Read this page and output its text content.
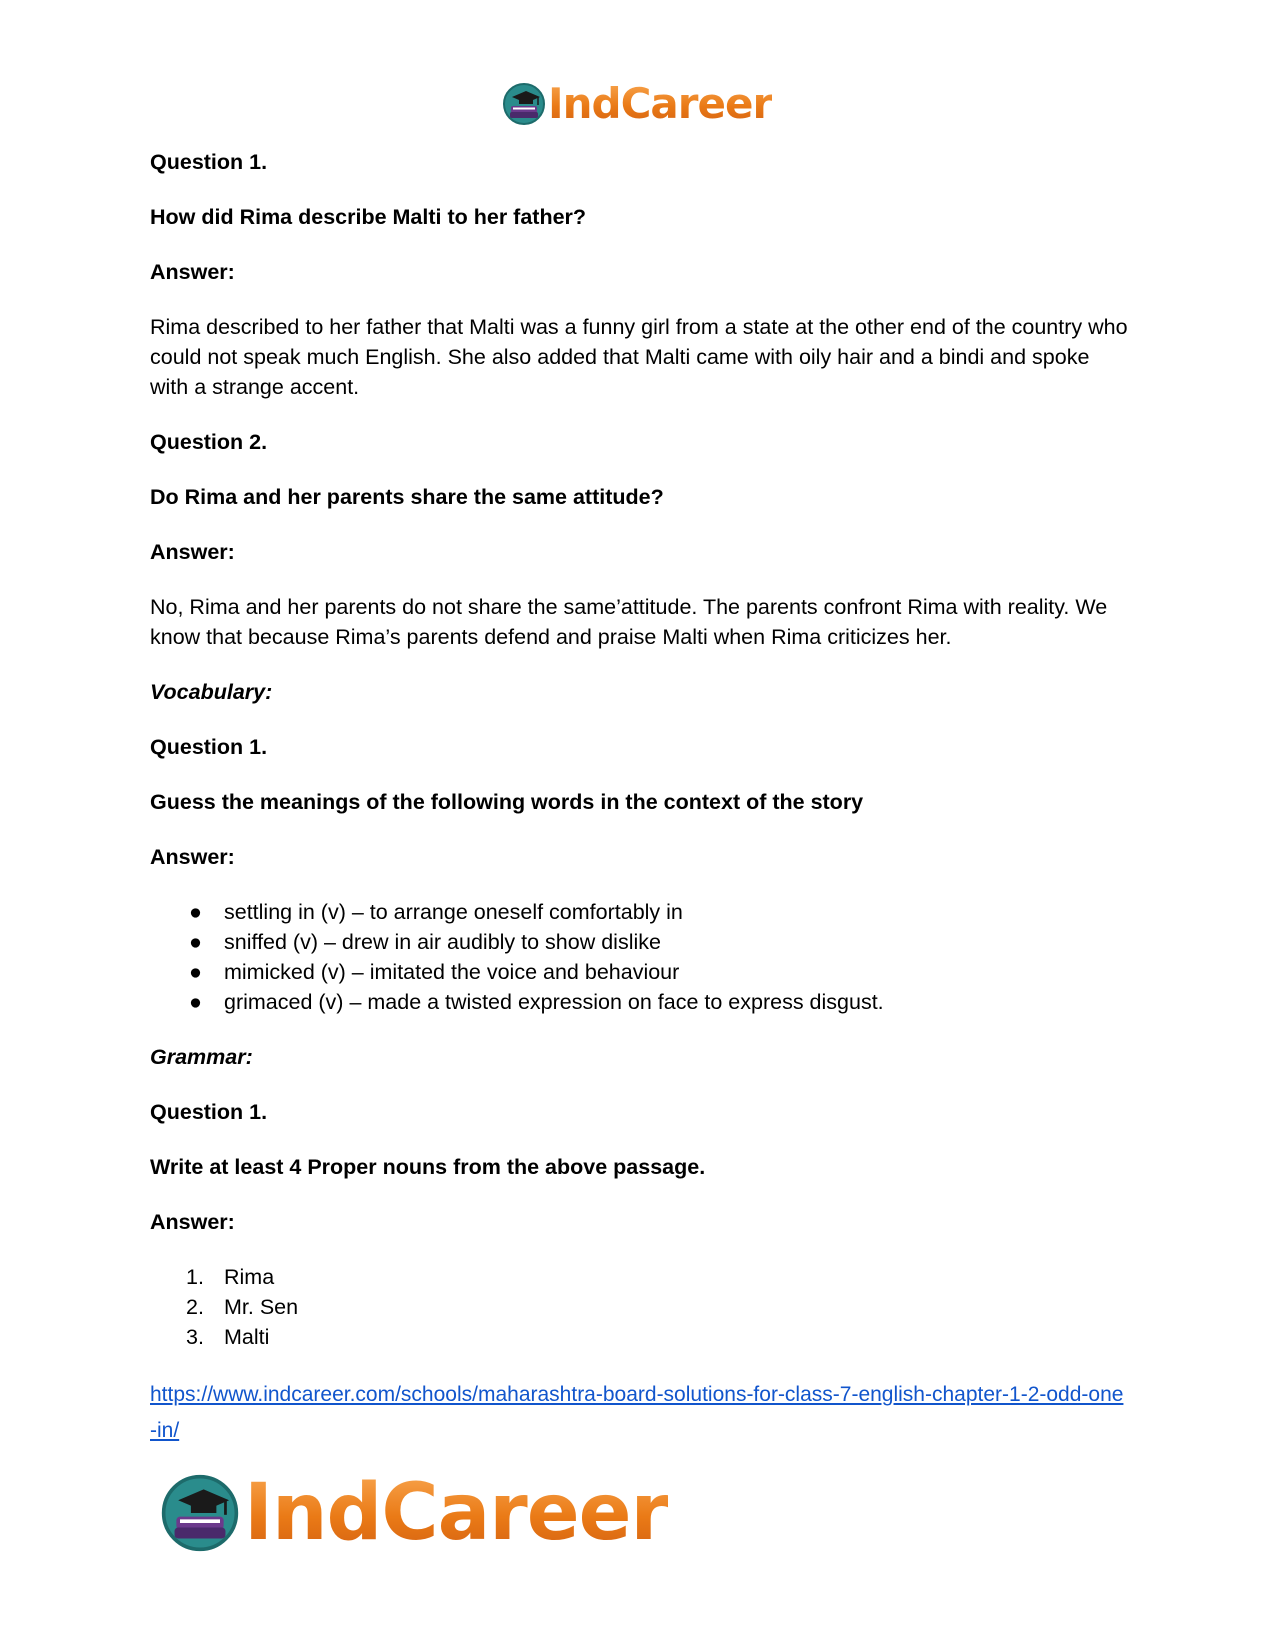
IndCareer

Question 1.

How did Rima describe Malti to her father?

Answer:

Rima described to her father that Malti was a funny girl from a state at the other end of the country who could not speak much English. She also added that Malti came with oily hair and a bindi and spoke with a strange accent.

Question 2.

Do Rima and her parents share the same attitude?

Answer:

No, Rima and her parents do not share the same’attitude. The parents confront Rima with reality. We know that because Rima’s parents defend and praise Malti when Rima criticizes her.

Vocabulary:

Question 1.

Guess the meanings of the following words in the context of the story

Answer:

● settling in (v) – to arrange oneself comfortably in
● sniffed (v) – drew in air audibly to show dislike
● mimicked (v) – imitated the voice and behaviour
● grimaced (v) – made a twisted expression on face to express disgust.

Grammar:

Question 1.

Write at least 4 Proper nouns from the above passage.

Answer:

1. Rima
2. Mr. Sen
3. Malti
https://www.indcareer.com/schools/maharashtra-board-solutions-for-class-7-english-chapter-1-2-odd-one-in/
IndCareer
